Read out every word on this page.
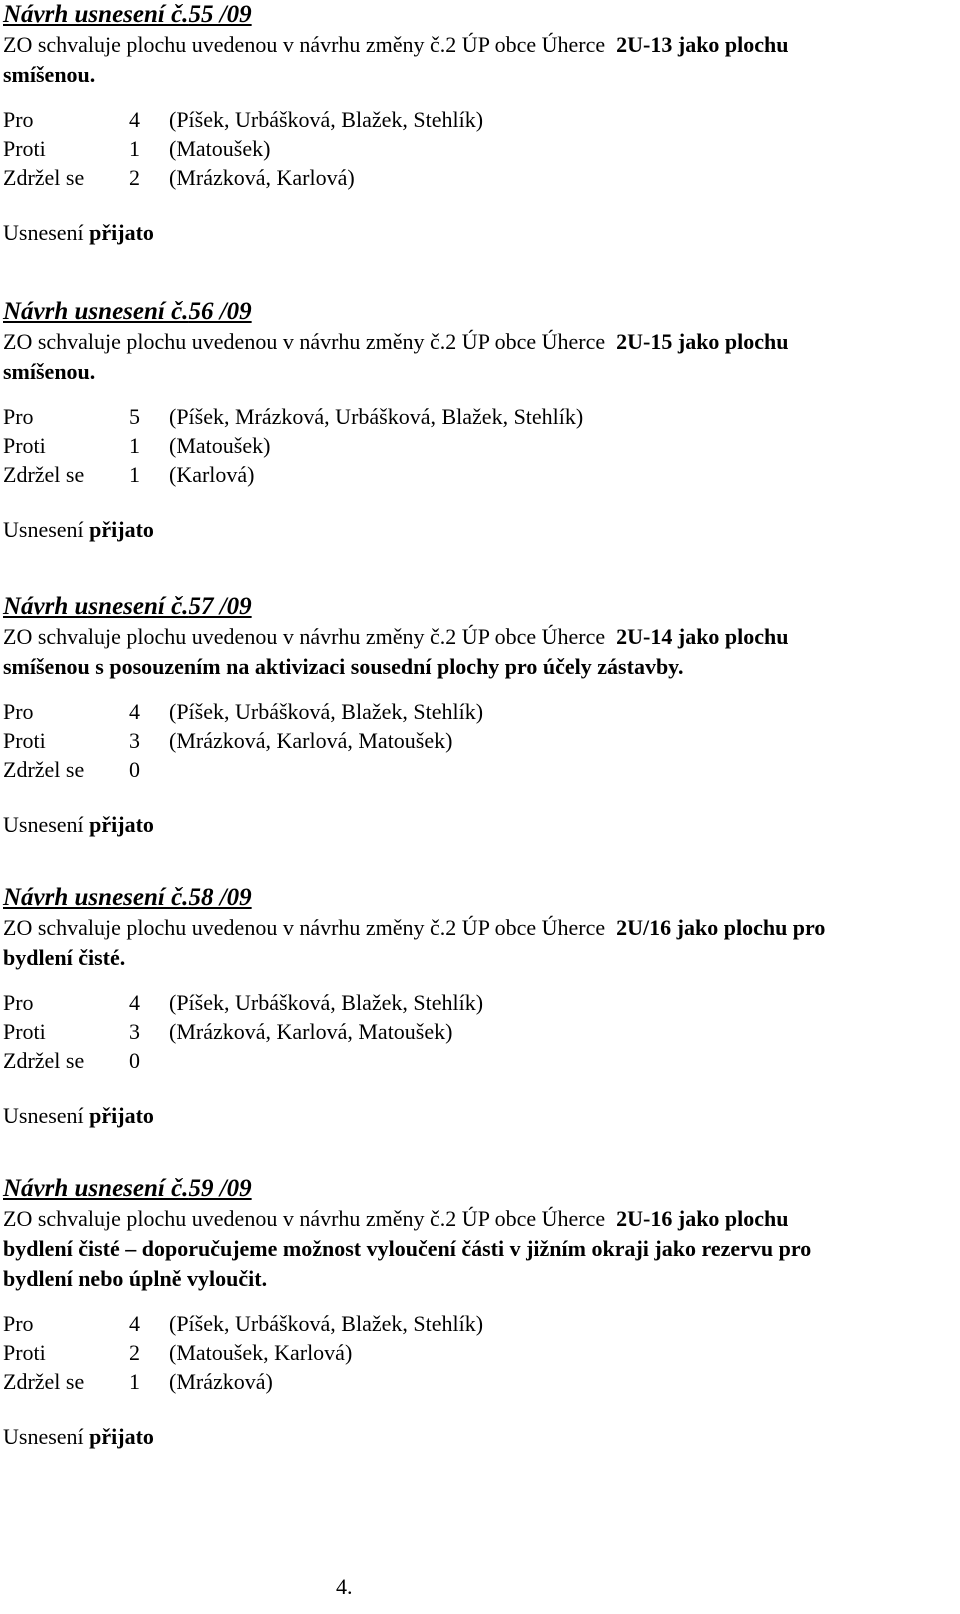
Návrh usnesení č.55 /09
ZO schvaluje plochu uvedenou v návrhu změny č.2 ÚP obce Úherce 2U-13 jako plochu
smíšenou.
Pro	4 (Píšek, Urbášková, Blažek, Stehlík)
Proti	1 (Matoušek)
Zdržel se 2 (Mrázková, Karlová)
Usnesení přijato
Návrh usnesení č.56 /09
ZO schvaluje plochu uvedenou v návrhu změny č.2 ÚP obce Úherce 2U-15 jako plochu
smíšenou.
Pro	5 (Píšek, Mrázková, Urbášková, Blažek, Stehlík)
Proti	1 (Matoušek)
Zdržel se 1 (Karlová)
Usnesení přijato
Návrh usnesení č.57 /09
ZO schvaluje plochu uvedenou v návrhu změny č.2 ÚP obce Úherce 2U-14 jako plochu
smíšenou s posouzením na aktivizaci sousední plochy pro účely zástavby.
Pro	4 (Píšek, Urbášková, Blažek, Stehlík)
Proti	3 (Mrázková, Karlová, Matoušek)
Zdržel se 0
Usnesení přijato
Návrh usnesení č.58 /09
ZO schvaluje plochu uvedenou v návrhu změny č.2 ÚP obce Úherce 2U/16 jako plochu pro
bydlení čisté.
Pro	4 (Píšek, Urbášková, Blažek, Stehlík)
Proti	3 (Mrázková, Karlová, Matoušek)
Zdržel se 0
Usnesení přijato
Návrh usnesení č.59 /09
ZO schvaluje plochu uvedenou v návrhu změny č.2 ÚP obce Úherce 2U-16 jako plochu
bydlení čisté – doporučujeme možnost vyloučení části v jižním okraji jako rezervu pro
bydlení nebo úplně vyloučit.
Pro	4 (Píšek, Urbášková, Blažek, Stehlík)
Proti	2 (Matoušek, Karlová)
Zdržel se 1 (Mrázková)
Usnesení přijato
4.
